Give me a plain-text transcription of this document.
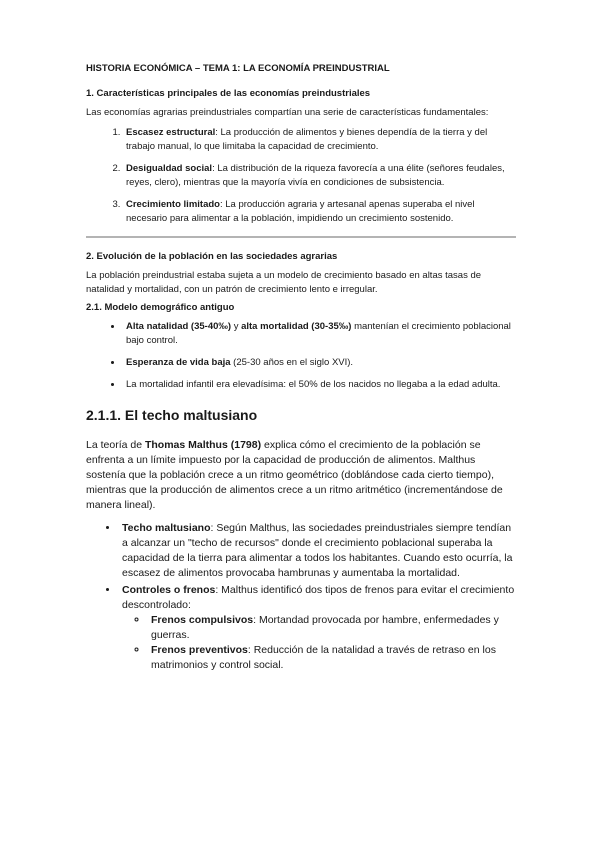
HISTORIA ECONÓMICA – TEMA 1: LA ECONOMÍA PREINDUSTRIAL

1. Características principales de las economías preindustriales

Las economías agrarias preindustriales compartían una serie de características fundamentales:

1. Escasez estructural: La producción de alimentos y bienes dependía de la tierra y del trabajo manual, lo que limitaba la capacidad de crecimiento.
2. Desigualdad social: La distribución de la riqueza favorecía a una élite (señores feudales, reyes, clero), mientras que la mayoría vivía en condiciones de subsistencia.
3. Crecimiento limitado: La producción agraria y artesanal apenas superaba el nivel necesario para alimentar a la población, impidiendo un crecimiento sostenido.

2. Evolución de la población en las sociedades agrarias

La población preindustrial estaba sujeta a un modelo de crecimiento basado en altas tasas de natalidad y mortalidad, con un patrón de crecimiento lento e irregular.

2.1. Modelo demográfico antiguo

• Alta natalidad (35-40‰) y alta mortalidad (30-35‰) mantenían el crecimiento poblacional bajo control.
• Esperanza de vida baja (25-30 años en el siglo XVI).
• La mortalidad infantil era elevadísima: el 50% de los nacidos no llegaba a la edad adulta.
2.1.1. El techo maltusiano

La teoría de Thomas Malthus (1798) explica cómo el crecimiento de la población se enfrenta a un límite impuesto por la capacidad de producción de alimentos. Malthus sostenía que la población crece a un ritmo geométrico (doblándose cada cierto tiempo), mientras que la producción de alimentos crece a un ritmo aritmético (incrementándose de manera lineal).

• Techo maltusiano: Según Malthus, las sociedades preindustriales siempre tendían a alcanzar un "techo de recursos" donde el crecimiento poblacional superaba la capacidad de la tierra para alimentar a todos los habitantes. Cuando esto ocurría, la escasez de alimentos provocaba hambrunas y aumentaba la mortalidad.
• Controles o frenos: Malthus identificó dos tipos de frenos para evitar el crecimiento descontrolado:
◦ Frenos compulsivos: Mortandad provocada por hambre, enfermedades y guerras.
◦ Frenos preventivos: Reducción de la natalidad a través de retraso en los matrimonios y control social.
